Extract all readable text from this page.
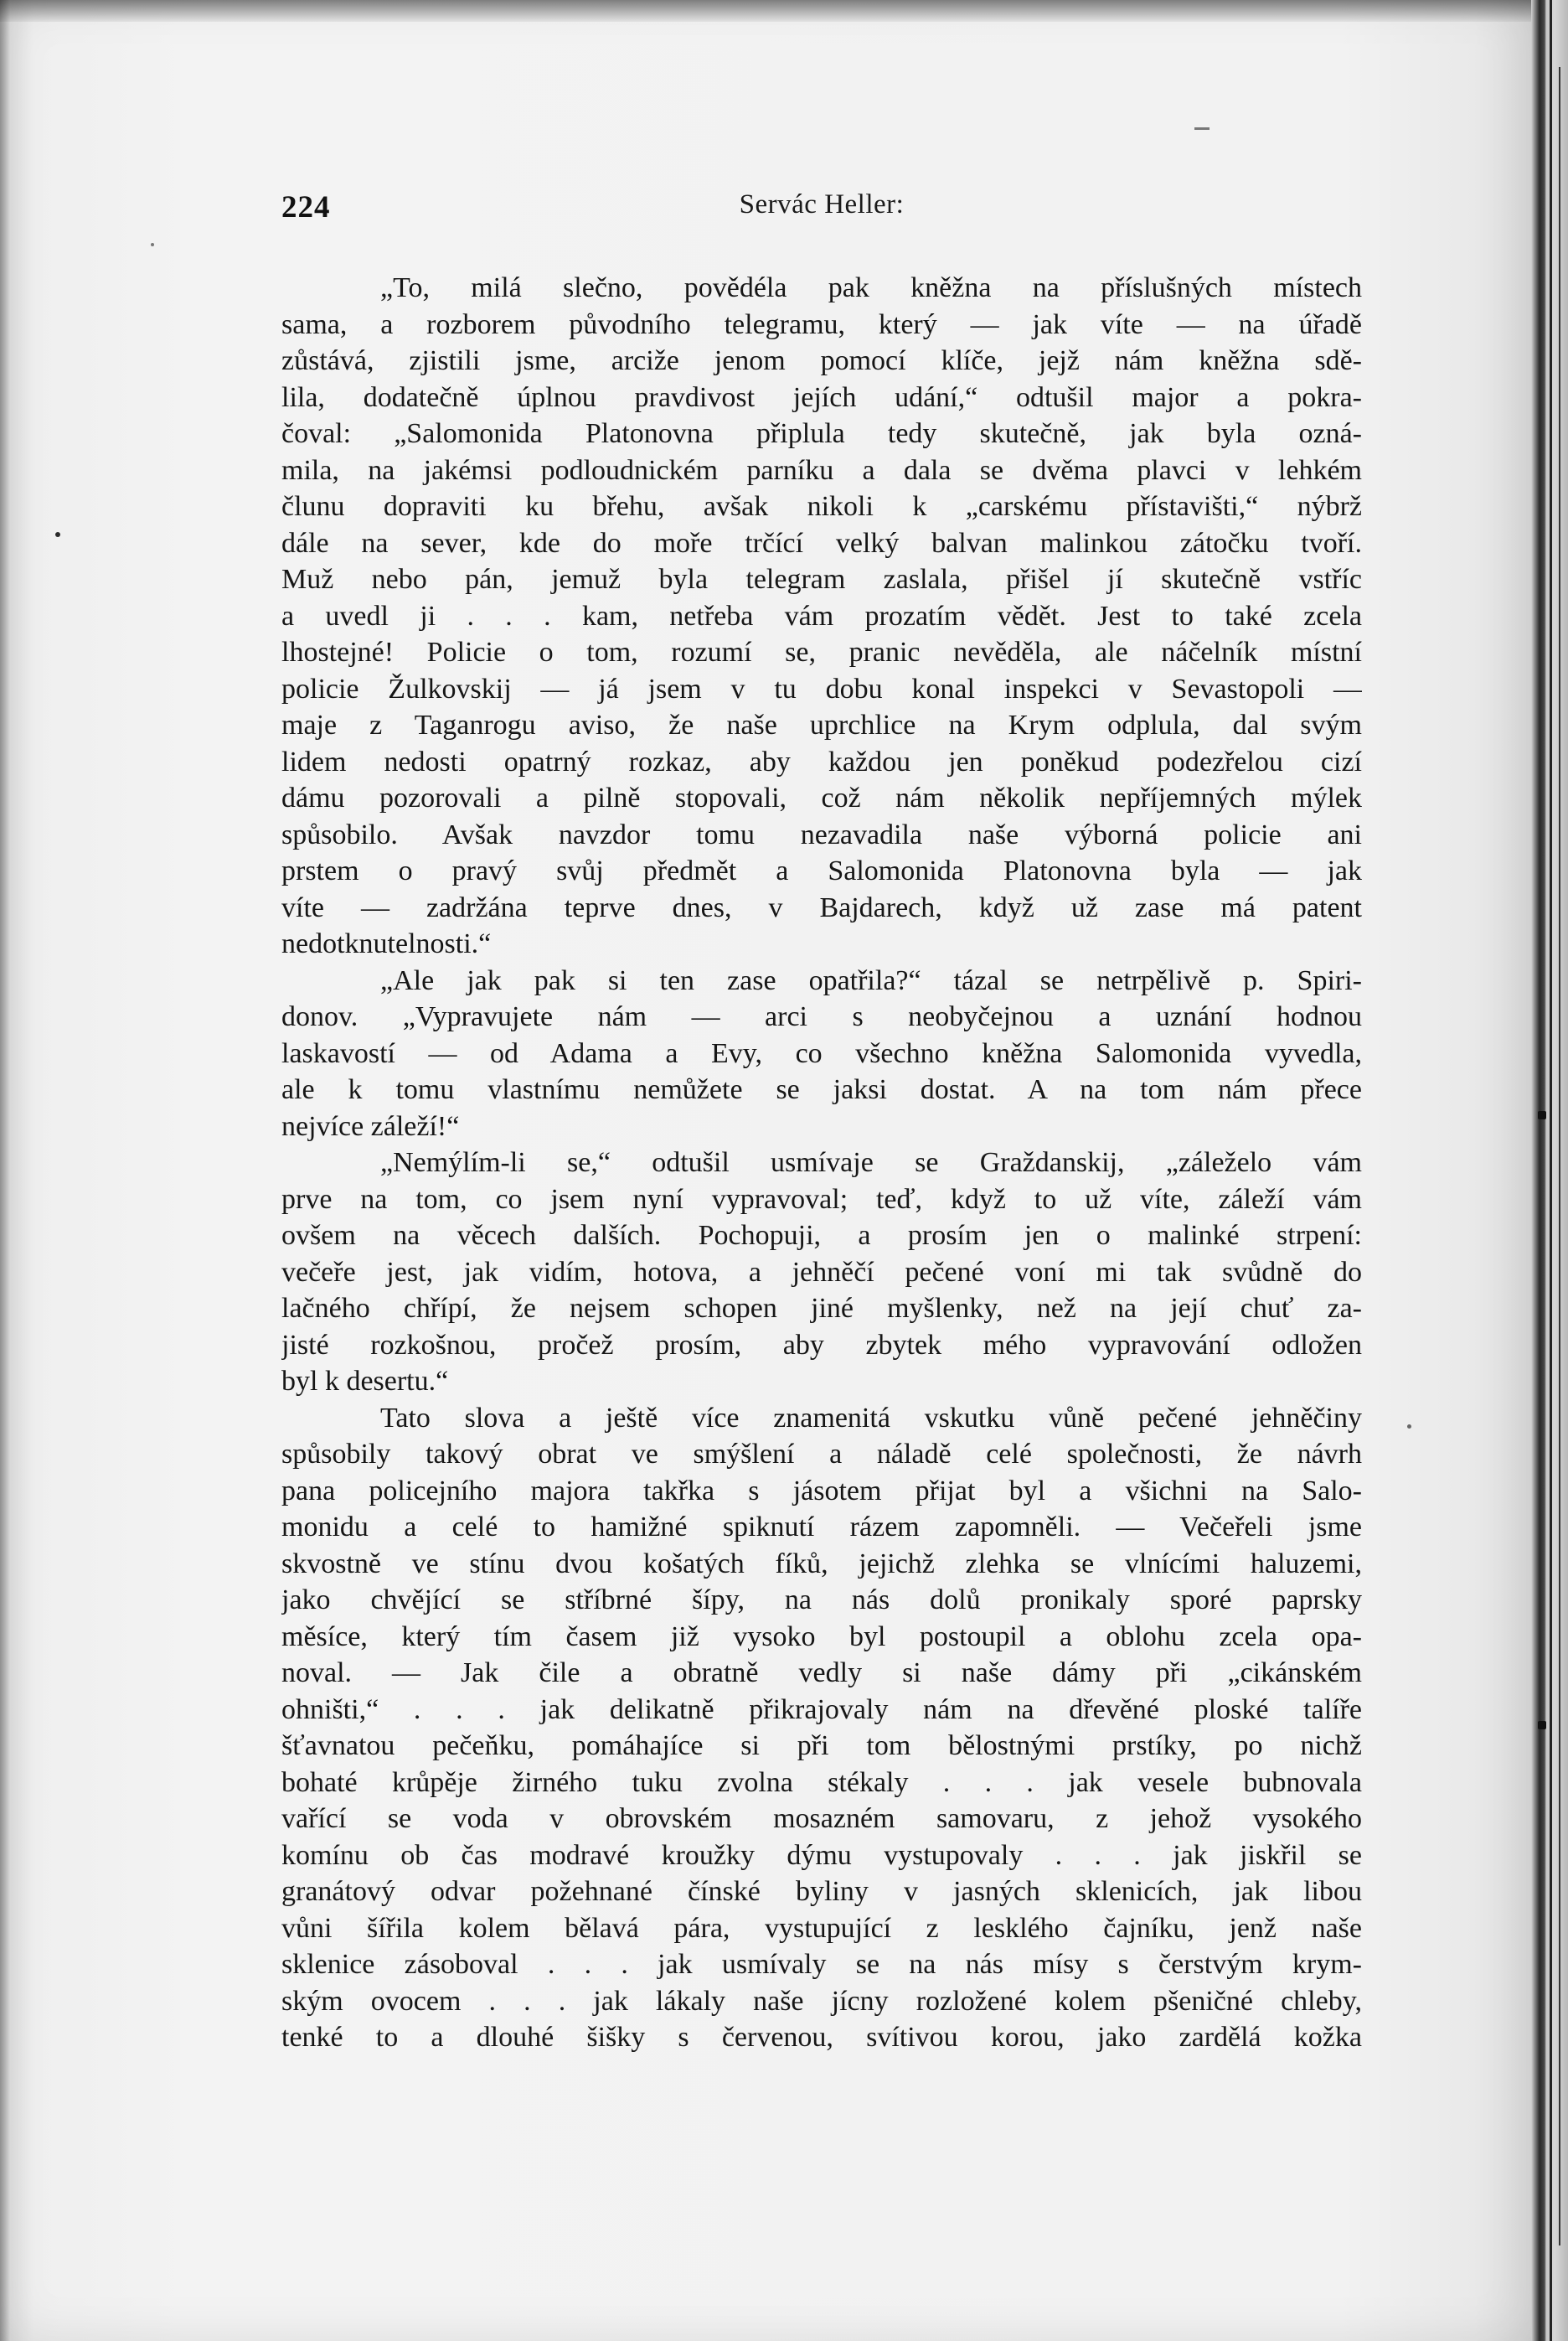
224	Servác Heller:

„To, milá slečno, povědéla pak kněžna na příslušných místech
sama, a rozborem původního telegramu, který — jak víte — na úřadě
zůstává, zjistili jsme, arciže jenom pomocí klíče, jejž nám kněžna sdě-
lila, dodatečně úplnou pravdivost jejích udání,“ odtušil major a pokra-
čoval: „Salomonida Platonovna připlula tedy skutečně, jak byla ozná-
mila, na jakémsi podloudnickém parníku a dala se dvěma plavci v lehkém
člunu dopraviti ku břehu, avšak nikoli k „carskému přístavišti,“ nýbrž
dále na sever, kde do moře trčící velký balvan malinkou zátočku tvoří.
Muž nebo pán, jemuž byla telegram zaslala, přišel jí skutečně vstříc
a uvedl ji . . . kam, netřeba vám prozatím vědět. Jest to také zcela
lhostejné! Policie o tom, rozumí se, pranic nevěděla, ale náčelník místní
policie Žulkovskij — já jsem v tu dobu konal inspekci v Sevastopoli —
maje z Taganrogu aviso, že naše uprchlice na Krym odplula, dal svým
lidem nedosti opatrný rozkaz, aby každou jen poněkud podezřelou cizí
dámu pozorovali a pilně stopovali, což nám několik nepříjemných mýlek
spůsobilo. Avšak navzdor tomu nezavadila naše výborná policie ani
prstem o pravý svůj předmět a Salomonida Platonovna byla — jak
víte — zadržána teprve dnes, v Bajdarech, když už zase má patent
nedotknutelnosti.“

„Ale jak pak si ten zase opatřila?“ tázal se netrpělivě p. Spiri-
donov. „Vypravujete nám — arci s neobyčejnou a uznání hodnou
laskavostí — od Adama a Evy, co všechno kněžna Salomonida vyvedla,
ale k tomu vlastnímu nemůžete se jaksi dostat. A na tom nám přece
nejvíce záleží!“

„Nemýlím-li se,“ odtušil usmívaje se Graždanskij, „záleželo vám
prve na tom, co jsem nyní vypravoval; teď, když to už víte, záleží vám
ovšem na věcech dalších. Pochopuji, a prosím jen o malinké strpení:
večeře jest, jak vidím, hotova, a jehněčí pečené voní mi tak svůdně do
lačného chřípí, že nejsem schopen jiné myšlenky, než na její chuť za-
jisté rozkošnou, pročež prosím, aby zbytek mého vypravování odložen
byl k desertu.“

Tato slova a ještě více znamenitá vskutku vůně pečené jehněčiny
spůsobily takový obrat ve smýšlení a náladě celé společnosti, že návrh
pana policejního majora takřka s jásotem přijat byl a všichni na Salo-
monidu a celé to hamižné spiknutí rázem zapomněli. — Večeřeli jsme
skvostně ve stínu dvou košatých fíků, jejichž zlehka se vlnícími haluzemi,
jako chvějící se stříbrné šípy, na nás dolů pronikaly sporé paprsky
měsíce, který tím časem již vysoko byl postoupil a oblohu zcela opa-
noval. — Jak čile a obratně vedly si naše dámy při „cikánském
ohništi,“ . . . jak delikatně přikrajovaly nám na dřevěné ploské talíře
šťavnatou pečeňku, pomáhajíce si při tom bělostnými prstíky, po nichž
bohaté krůpěje žirného tuku zvolna stékaly . . . jak vesele bubnovala
vařící se voda v obrovském mosazném samovaru, z jehož vysokého
komínu ob čas modravé kroužky dýmu vystupovaly . . . jak jiskřil se
granátový odvar požehnané čínské byliny v jasných sklenicích, jak libou
vůni šířila kolem bělavá pára, vystupující z lesklého čajníku, jenž naše
sklenice zásoboval . . . jak usmívaly se na nás mísy s čerstvým krym-
ským ovocem . . . jak lákaly naše jícny rozložené kolem pšeničné chleby,
tenké to a dlouhé šišky s červenou, svítivou korou, jako zardělá kožka
